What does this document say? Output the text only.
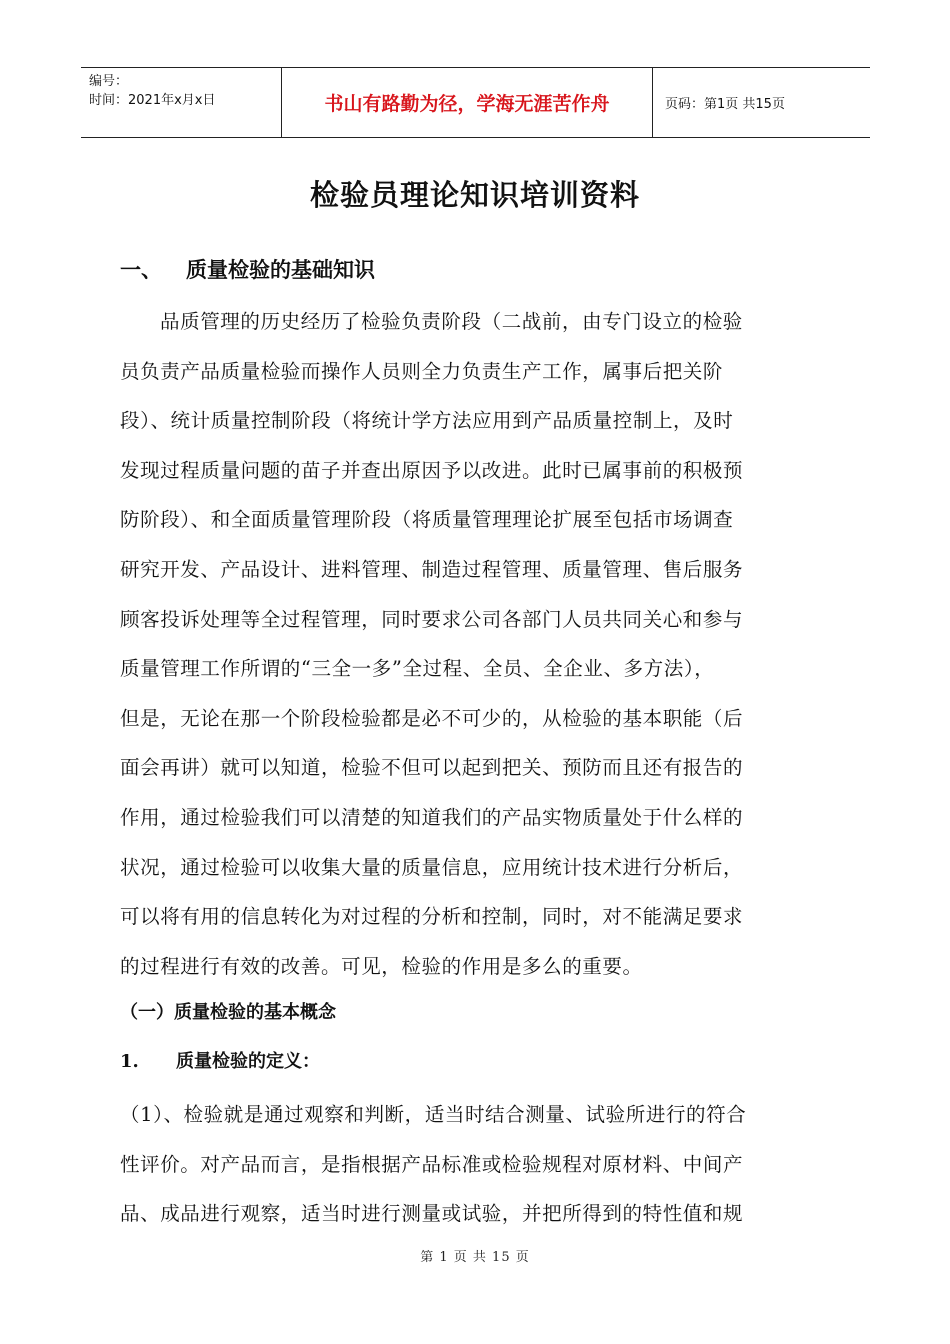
编号：
时间：2021年x月x日	书山有路勤为径，学海无涯苦作舟	页码：第1页 共15页
检验员理论知识培训资料
一、 质量检验的基础知识
品质管理的历史经历了检验负责阶段（二战前，由专门设立的检验
员负责产品质量检验而操作人员则全力负责生产工作，属事后把关阶
段）、统计质量控制阶段（将统计学方法应用到产品质量控制上，及时
发现过程质量问题的苗子并查出原因予以改进。此时已属事前的积极预
防阶段）、和全面质量管理阶段（将质量管理理论扩展至包括市场调查
研究开发、产品设计、进料管理、制造过程管理、质量管理、售后服务
顾客投诉处理等全过程管理，同时要求公司各部门人员共同关心和参与
质量管理工作所谓的“三全一多”全过程、全员、全企业、多方法），
但是，无论在那一个阶段检验都是必不可少的，从检验的基本职能（后
面会再讲）就可以知道，检验不但可以起到把关、预防而且还有报告的
作用，通过检验我们可以清楚的知道我们的产品实物质量处于什么样的
状况，通过检验可以收集大量的质量信息，应用统计技术进行分析后，
可以将有用的信息转化为对过程的分析和控制，同时，对不能满足要求
的过程进行有效的改善。可见，检验的作用是多么的重要。
（一）质量检验的基本概念
1. 质量检验的定义：
（1）、检验就是通过观察和判断，适当时结合测量、试验所进行的符合
性评价。对产品而言，是指根据产品标准或检验规程对原材料、中间产
品、成品进行观察，适当时进行测量或试验，并把所得到的特性值和规
第 1 页 共 15 页
